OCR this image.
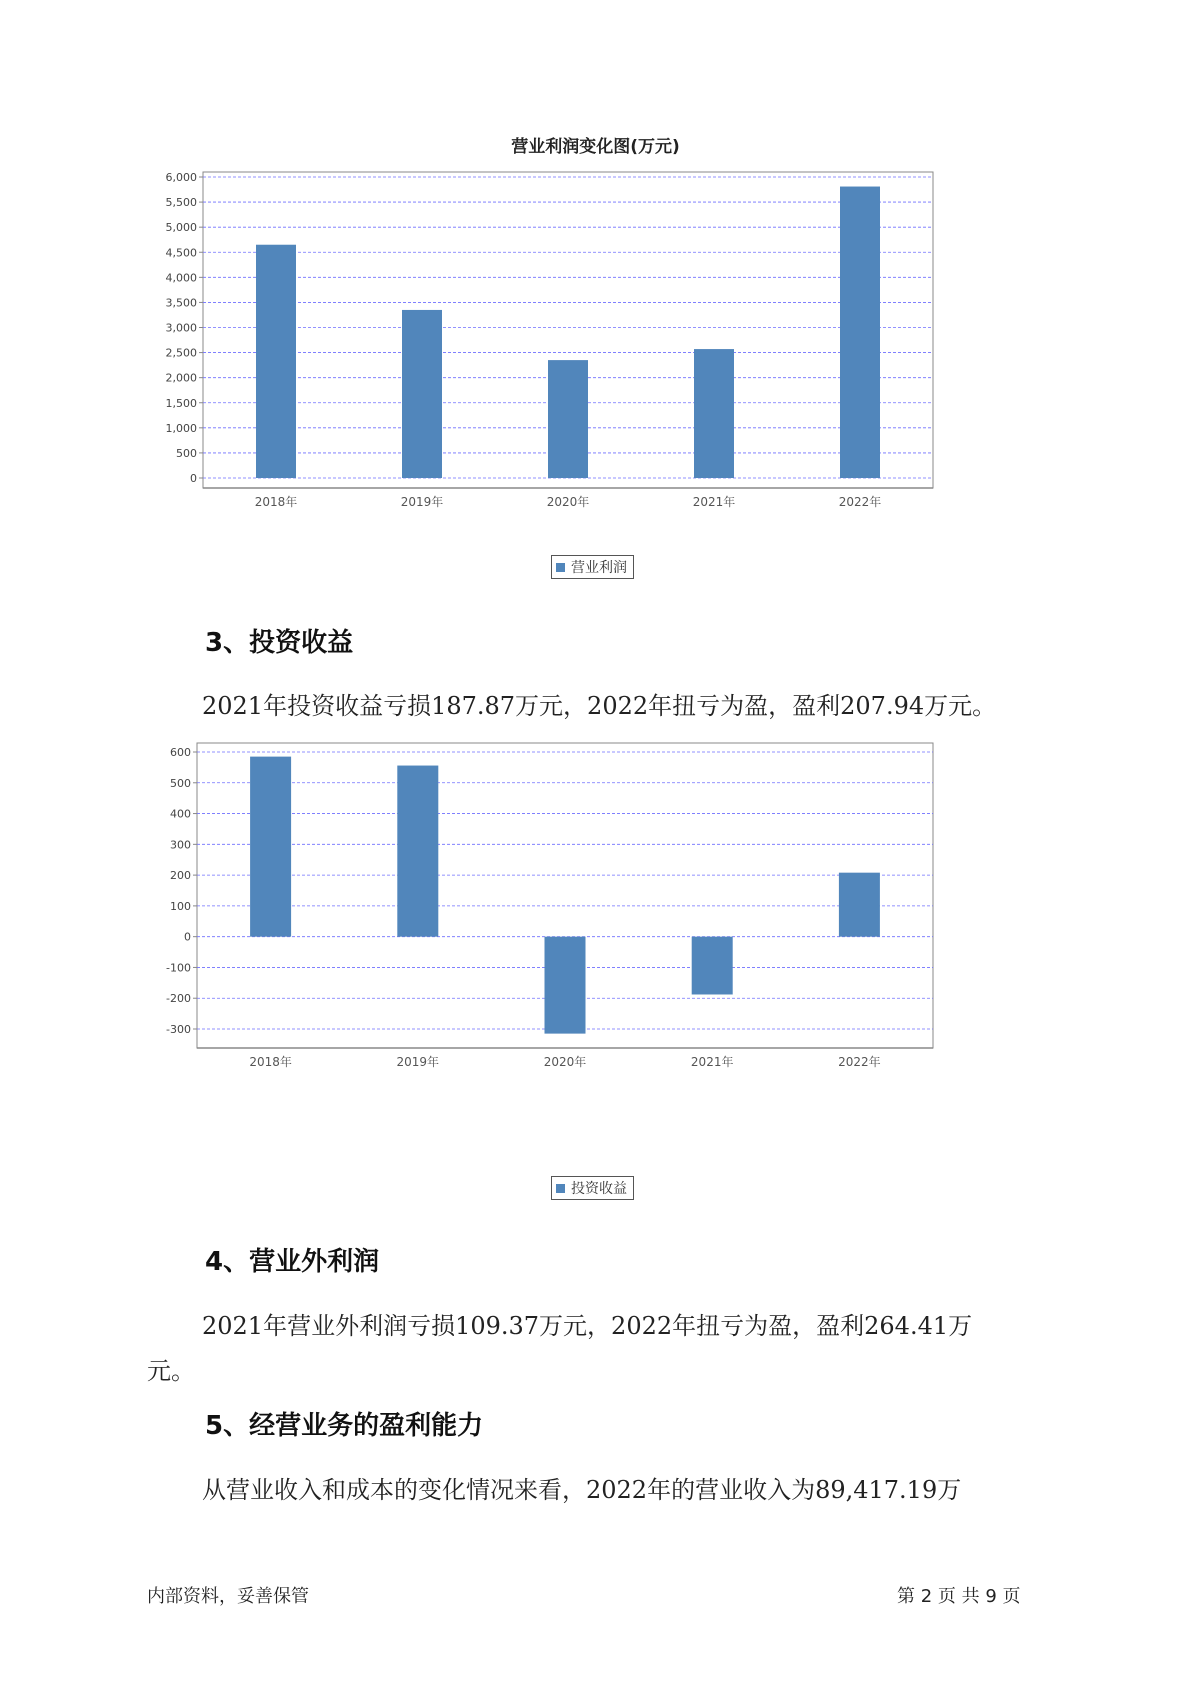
营业利润变化图(万元)
0
500
1,000
1,500
2,000
2,500
3,000
3,500
4,000
4,500
5,000
5,500
6,000
2018年	2019年	2020年	2021年	2022年
营业利润
3、投资收益
2021年投资收益亏损187.87万元，2022年扭亏为盈，盈利207.94万元。
-300
-200
-100
0
100
200
300
400
500
600
2018年	2019年	2020年	2021年	2022年
投资收益
4、营业外利润
2021年营业外利润亏损109.37万元，2022年扭亏为盈，盈利264.41万
元。
5、经营业务的盈利能力
从营业收入和成本的变化情况来看，2022年的营业收入为89,417.19万
内部资料，妥善保管	第 2 页 共 9 页
